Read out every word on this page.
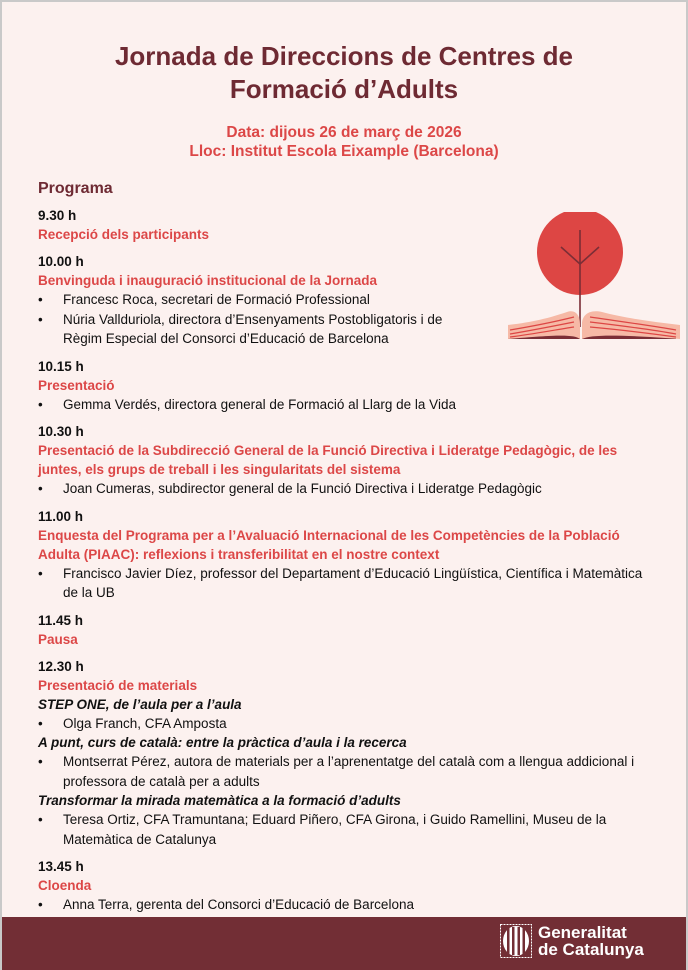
Jornada de Direccions de Centres de
Formació d’Adults
Data: dijous 26 de març de 2026
Lloc: Institut Escola Eixample (Barcelona)
Programa
9.30 h
Recepció dels participants
10.00 h
Benvinguda i inauguració institucional de la Jornada
• Francesc Roca, secretari de Formació Professional
• Núria Vallduriola, directora d’Ensenyaments Postobligatoris i de Règim Especial del Consorci d’Educació de Barcelona
10.15 h
Presentació
• Gemma Verdés, directora general de Formació al Llarg de la Vida
10.30 h
Presentació de la Subdirecció General de la Funció Directiva i Lideratge Pedagògic, de les juntes, els grups de treball i les singularitats del sistema
• Joan Cumeras, subdirector general de la Funció Directiva i Lideratge Pedagògic
11.00 h
Enquesta del Programa per a l’Avaluació Internacional de les Competències de la Població Adulta (PIAAC): reflexions i transferibilitat en el nostre context
• Francisco Javier Díez, professor del Departament d’Educació Lingüística, Científica i Matemàtica de la UB
11.45 h
Pausa
12.30 h
Presentació de materials
STEP ONE, de l’aula per a l’aula
• Olga Franch, CFA Amposta
A punt, curs de català: entre la pràctica d’aula i la recerca
• Montserrat Pérez, autora de materials per a l’aprenentatge del català com a llengua addicional i professora de català per a adults
Transformar la mirada matemàtica a la formació d’adults
• Teresa Ortiz, CFA Tramuntana; Eduard Piñero, CFA Girona, i Guido Ramellini, Museu de la Matemàtica de Catalunya
13.45 h
Cloenda
• Anna Terra, gerenta del Consorci d’Educació de Barcelona
Generalitat
de Catalunya
